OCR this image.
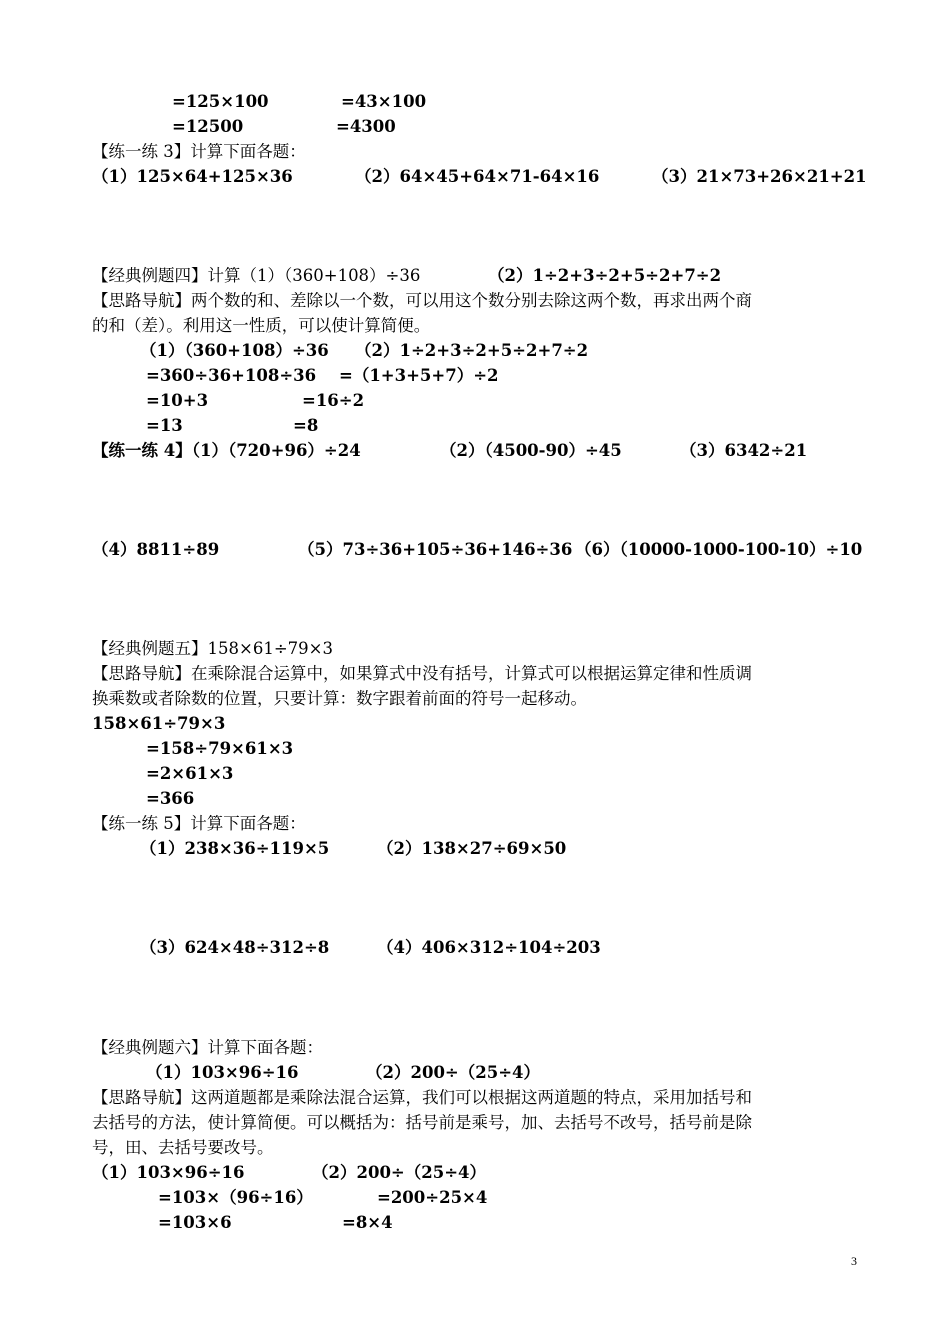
=125×100	=43×100
=12500	=4300
【练一练 3】计算下面各题：
（1）125×64+125×36	（2）64×45+64×71-64×16	（3）21×73+26×21+21
【经典例题四】计算（1）（360+108）÷36	（2）1÷2+3÷2+5÷2+7÷2
【思路导航】两个数的和、差除以一个数，可以用这个数分别去除这两个数，再求出两个商
的和（差）。利用这一性质，可以使计算简便。
（1）（360+108）÷36 （2）1÷2+3÷2+5÷2+7÷2
=360÷36+108÷36 =（1+3+5+7）÷2
=10+3	=16÷2
=13	=8
【练一练 4】（1）（720+96）÷24	（2）（4500-90）÷45	（3）6342÷21
（4）8811÷89	（5）73÷36+105÷36+146÷36 （6）（10000-1000-100-10）÷10
【经典例题五】158×61÷79×3
【思路导航】在乘除混合运算中，如果算式中没有括号，计算式可以根据运算定律和性质调
换乘数或者除数的位置，只要计算：数字跟着前面的符号一起移动。
158×61÷79×3
=158÷79×61×3
=2×61×3
=366
【练一练 5】计算下面各题：
（1）238×36÷119×5	（2）138×27÷69×50
（3）624×48÷312÷8	（4）406×312÷104÷203
【经典例题六】计算下面各题：
（1）103×96÷16	（2）200÷（25÷4）
【思路导航】这两道题都是乘除法混合运算，我们可以根据这两道题的特点，采用加括号和
去括号的方法，使计算简便。可以概括为：括号前是乘号，加、去括号不改号，括号前是除
号，田、去括号要改号。
（1）103×96÷16	（2）200÷（25÷4）
=103×（96÷16）	=200÷25×4
=103×6	=8×4
3
